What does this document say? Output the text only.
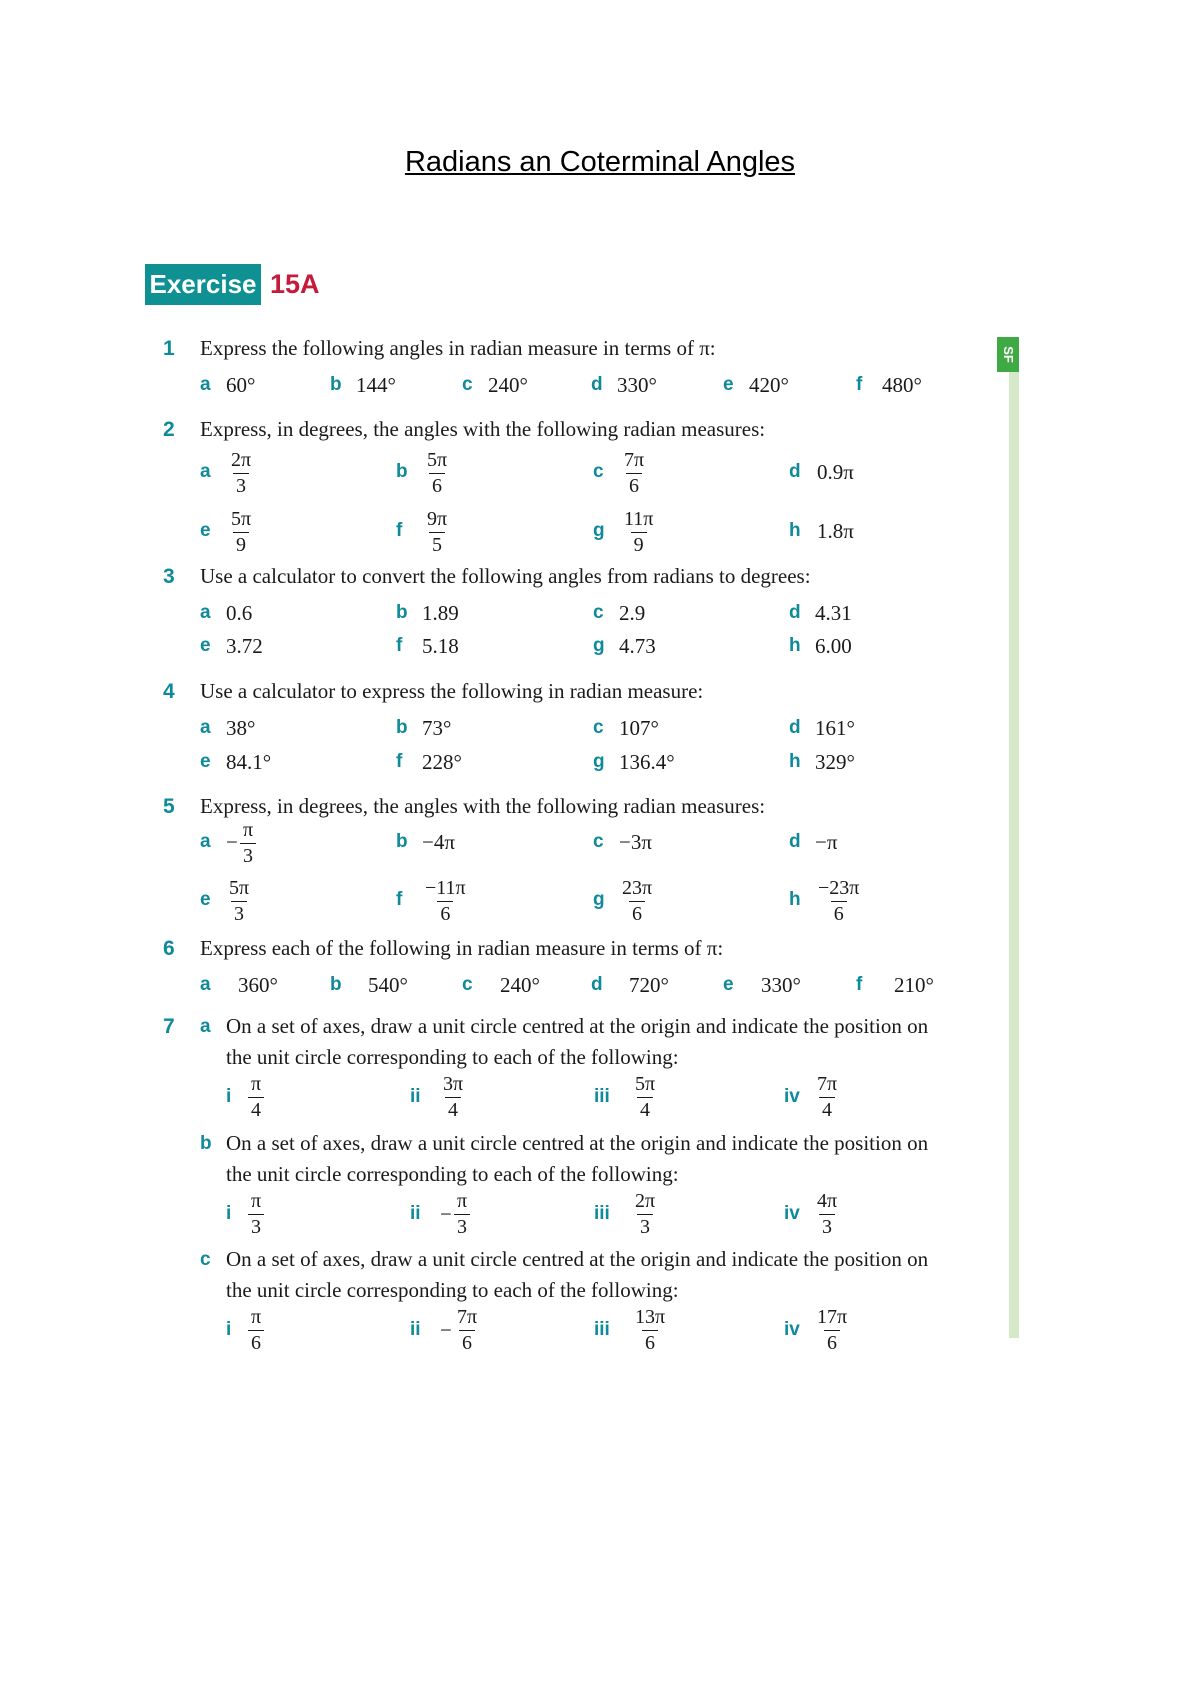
Radians an Coterminal Angles
Exercise 15A
SF
1 Express the following angles in radian measure in terms of π:
a 60°	b 144°	c 240°	d 330°	e 420°	f 480°
2 Express, in degrees, the angles with the following radian measures:
a $\frac{2\pi}{3}$	b $\frac{5\pi}{6}$	c $\frac{7\pi}{6}$	d 0.9π
e $\frac{5\pi}{9}$	f $\frac{9\pi}{5}$	g $\frac{11\pi}{9}$	h 1.8π
3 Use a calculator to convert the following angles from radians to degrees:
a 0.6	b 1.89	c 2.9	d 4.31
e 3.72	f 5.18	g 4.73	h 6.00
4 Use a calculator to express the following in radian measure:
a 38°	b 73°	c 107°	d 161°
e 84.1°	f 228°	g 136.4°	h 329°
5 Express, in degrees, the angles with the following radian measures:
$a - \frac{\pi}{3}$	b −4π	c −3π	d −π
e $\frac{5\pi}{3}$	f $\frac{-11\pi}{6}$	g $\frac{23\pi}{6}$	h $\frac{-23\pi}{6}$
6 Express each of the following in radian measure in terms of π:
a 360°	b 540°	c 240°	d 720°	e 330°	f 210°
7 a On a set of axes, draw a unit circle centred at the origin and indicate the position on
the unit circle corresponding to each of the following:
i $\frac{\pi}{4}$	ii $\frac{3\pi}{4}$	iii $\frac{5\pi}{4}$	iv $\frac{7\pi}{4}$
b On a set of axes, draw a unit circle centred at the origin and indicate the position on
the unit circle corresponding to each of the following:
i $\frac{\pi}{3}$	ii − $\frac{\pi}{3}$	iii $\frac{2\pi}{3}$	iv $\frac{4\pi}{3}$
c On a set of axes, draw a unit circle centred at the origin and indicate the position on
the unit circle corresponding to each of the following:
i $\frac{\pi}{6}$	ii − $\frac{7\pi}{6}$	iii $\frac{13\pi}{6}$	iv $\frac{17\pi}{6}$
